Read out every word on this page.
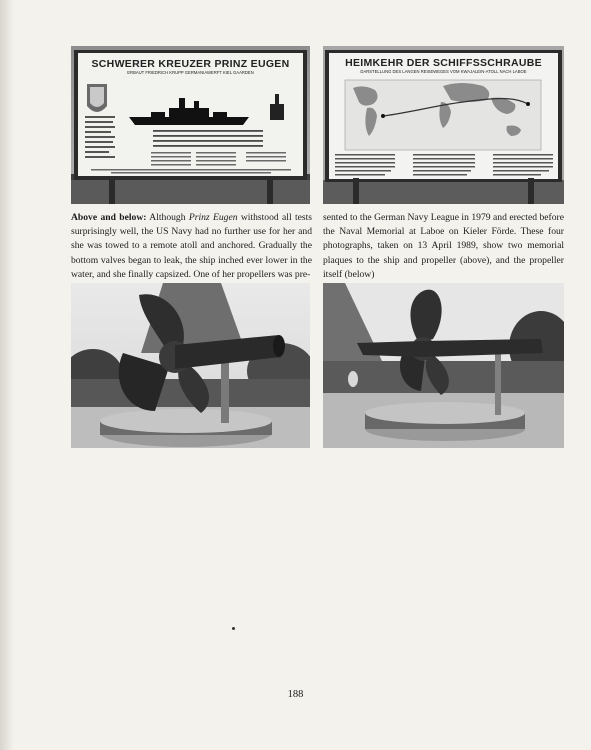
SCHWERER KREUZER PRINZ EUGEN
ERBAUT FRIEDRICH KRUPP GERMANIAWERFT KIEL GAARDEN
HEIMKEHR DER SCHIFFSSCHRAUBE
DARSTELLUNG DES LANGEN REISEWEGES VOM KWAJALEIN-ATOLL NACH LABOE
Above and below: Although Prinz Eugen withstood all tests surprisingly well, the US Navy had no further use for her and she was towed to a remote atoll and anchored. Gradually the bottom valves began to leak, the ship inched ever lower in the water, and she finally capsized. One of her propellers was pre-
sented to the German Navy League in 1979 and erected before the Naval Memorial at Laboe on Kieler Förde. These four photographs, taken on 13 April 1989, show two memorial plaques to the ship and propeller (above), and the propeller itself (below)
188
